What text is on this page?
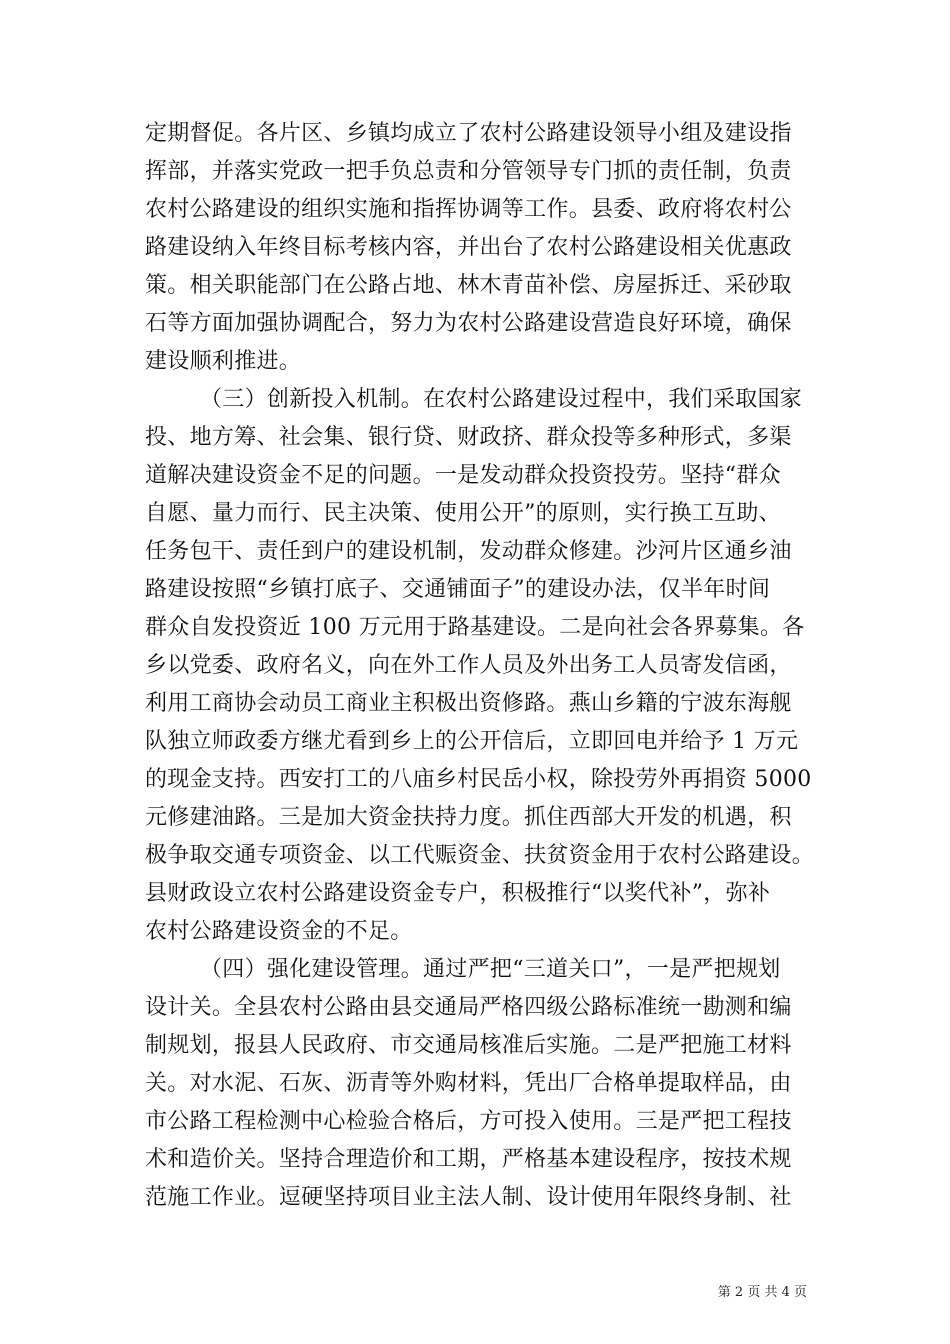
定期督促。各片区、乡镇均成立了农村公路建设领导小组及建设指
挥部，并落实党政一把手负总责和分管领导专门抓的责任制，负责
农村公路建设的组织实施和指挥协调等工作。县委、政府将农村公
路建设纳入年终目标考核内容，并出台了农村公路建设相关优惠政
策。相关职能部门在公路占地、林木青苗补偿、房屋拆迁、采砂取
石等方面加强协调配合，努力为农村公路建设营造良好环境，确保
建设顺利推进。
（三）创新投入机制。在农村公路建设过程中，我们采取国家
投、地方筹、社会集、银行贷、财政挤、群众投等多种形式，多渠
道解决建设资金不足的问题。一是发动群众投资投劳。坚持“群众
自愿、量力而行、民主决策、使用公开”的原则，实行换工互助、
任务包干、责任到户的建设机制，发动群众修建。沙河片区通乡油
路建设按照“乡镇打底子、交通铺面子”的建设办法，仅半年时间
群众自发投资近 100 万元用于路基建设。二是向社会各界募集。各
乡以党委、政府名义，向在外工作人员及外出务工人员寄发信函，
利用工商协会动员工商业主积极出资修路。燕山乡籍的宁波东海舰
队独立师政委方继尤看到乡上的公开信后，立即回电并给予 1 万元
的现金支持。西安打工的八庙乡村民岳小权，除投劳外再捐资 5000
元修建油路。三是加大资金扶持力度。抓住西部大开发的机遇，积
极争取交通专项资金、以工代赈资金、扶贫资金用于农村公路建设。
县财政设立农村公路建设资金专户，积极推行“以奖代补”，弥补
农村公路建设资金的不足。
（四）强化建设管理。通过严把“三道关口”，一是严把规划
设计关。全县农村公路由县交通局严格四级公路标准统一勘测和编
制规划，报县人民政府、市交通局核准后实施。二是严把施工材料
关。对水泥、石灰、沥青等外购材料，凭出厂合格单提取样品，由
市公路工程检测中心检验合格后，方可投入使用。三是严把工程技
术和造价关。坚持合理造价和工期，严格基本建设程序，按技术规
范施工作业。逗硬坚持项目业主法人制、设计使用年限终身制、社
第 2 页 共 4 页
